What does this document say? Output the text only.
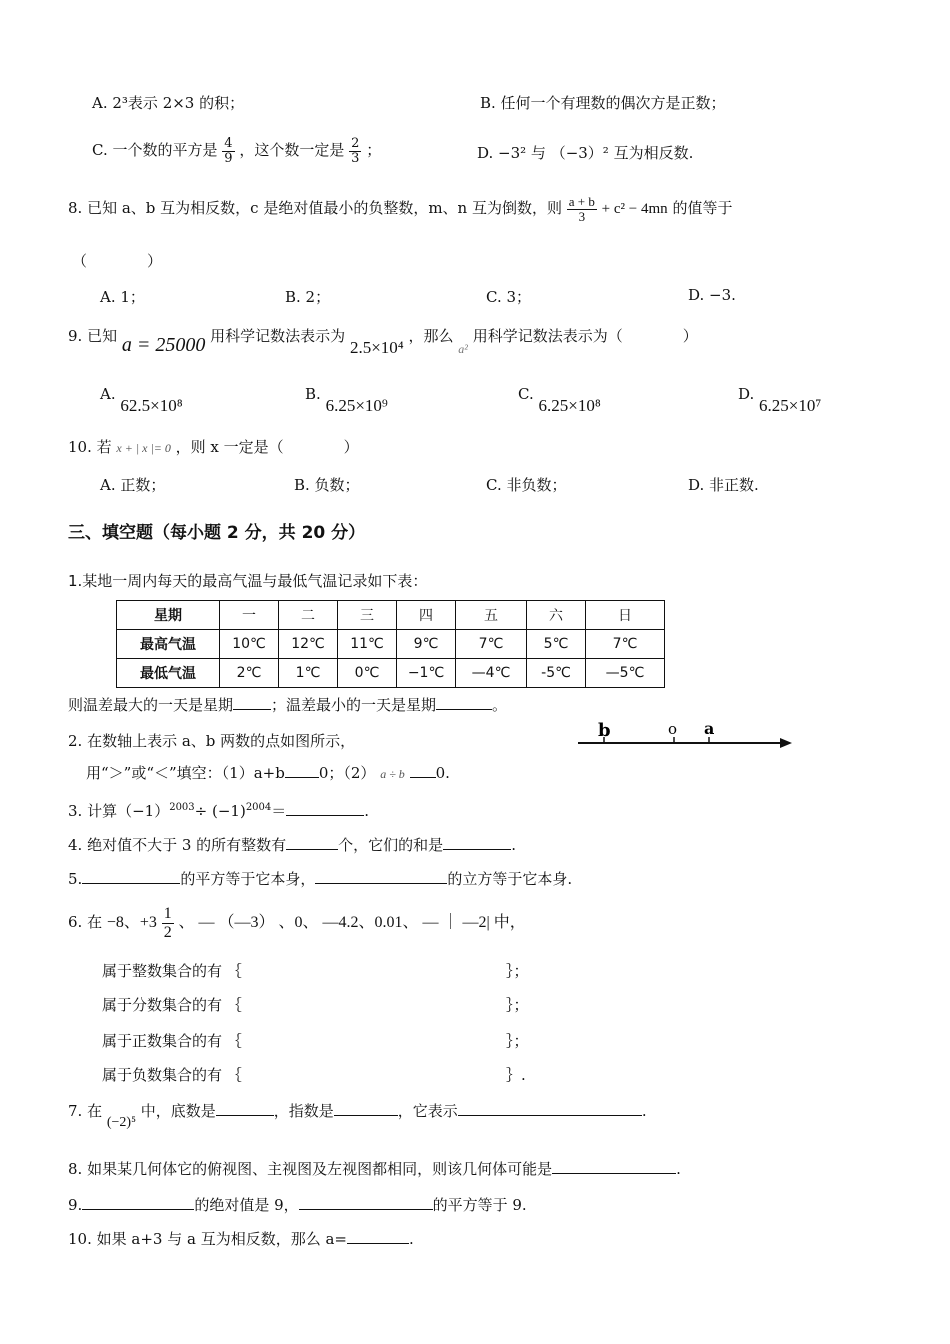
A. 2³表示 2×3 的积；	B. 任何一个有理数的偶次方是正数；
C. 一个数的平方是 $\frac{4}{9}$ ，这个数一定是 $\frac{2}{3}$ ；	D. −3² 与 （−3）² 互为相反数.
8. 已知 a、b 互为相反数，c 是绝对值最小的负整数，m、n 互为倒数，则 $\frac{a + b}{3} + c^2 - 4mn$ 的值等于
（　　　　）
A. 1；	B. 2；	C. 3；	D. −3.
9. 已知 a = 25000 用科学记数法表示为 2.5×10⁴ ，那么 $_{a^2}$ 用科学记数法表示为（　　　　）
A. 62.5×10⁸
B. 6.25×10⁹
C. 6.25×10⁸
D. 6.25×10⁷
10. 若 x + | x |= 0 ，则 x 一定是（　　　　）
A. 正数；	B. 负数；	C. 非负数；	D. 非正数.
三、填空题（每小题 2 分，共 20 分）
1.某地一周内每天的最高气温与最低气温记录如下表：
星期	一	二	三	四	五	六	日
最高气温	10℃	12℃	11℃	9℃	7℃	5℃	7℃
最低气温	2℃	1℃	0℃	−1℃	—4℃	-5℃	—5℃
则温差最大的一天是星期	；温差最小的一天是星期	。
2. 在数轴上表示 a、b 两数的点如图所示，
用“＞”或“＜”填空：（1）a+b 0；（2） a ÷ b 0.
b	o a
3. 计算$(-1)^{2003}\div (-1)^{2004}=$	.
4. 绝对值不大于 3 的所有整数有	个，它们的和是	.
5.	的平方等于它本身，	的立方等于它本身.
6. 在 −8、$+3 \frac{1}{2}$ 、 — （—3） 、0、 —4.2、0.01、 — ｜ —2| 中，
属于整数集合的有 ｛	｝；
属于分数集合的有 ｛	｝；
属于正数集合的有 ｛	｝；
属于负数集合的有 ｛	｝.
7. 在 (−2)⁵ 中，底数是	，指数是	，它表示	.
8. 如果某几何体它的俯视图、主视图及左视图都相同，则该几何体可能是	.
9.	的绝对值是 9，	的平方等于 9.
10. 如果 a+3 与 a 互为相反数，那么 a=	.
